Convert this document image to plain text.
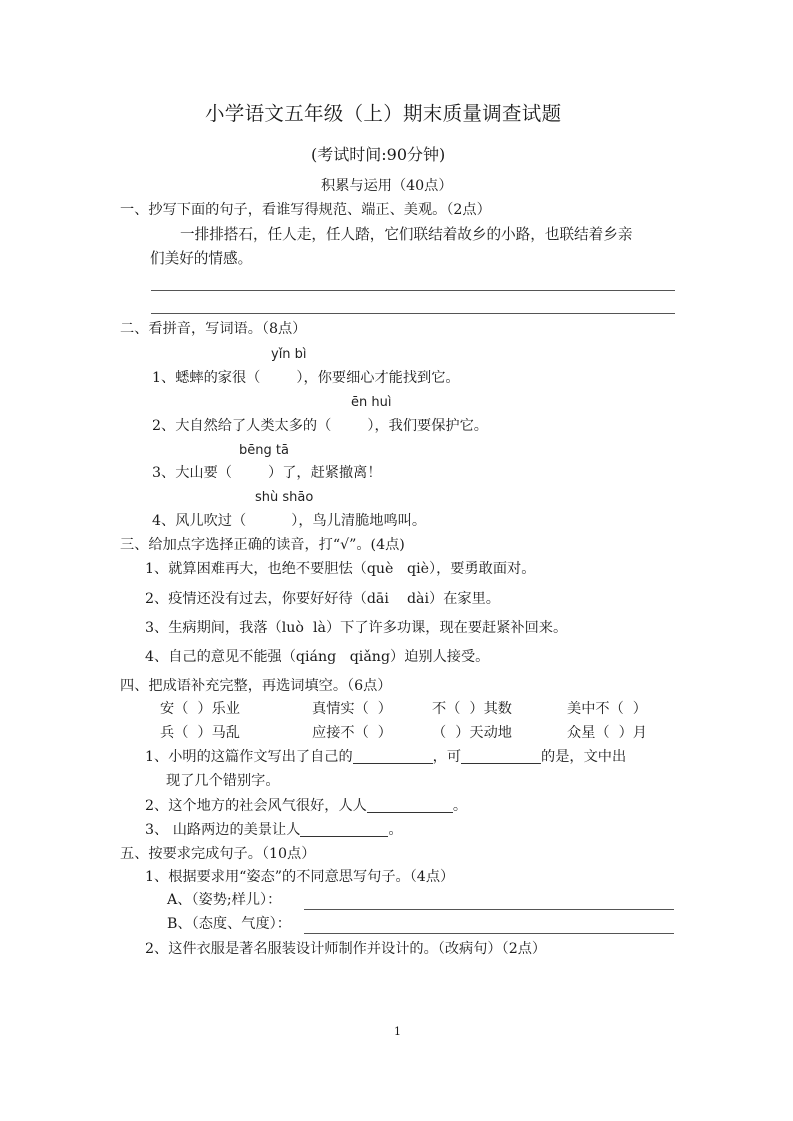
小学语文五年级（上）期末质量调查试题
(考试时间:90分钟)
积累与运用（40点）
一、抄写下面的句子，看谁写得规范、端正、美观。（2点）
一排排搭石，任人走，任人踏，它们联结着故乡的小路，也联结着乡亲
们美好的情感。
二、看拼音，写词语。（8点）
yǐn bì
1、蟋蟀的家很（        ），你要细心才能找到它。
ēn huì
2、大自然给了人类太多的（        ），我们要保护它。
bēng tā
3、大山要（        ）了，赶紧撤离！
shù shāo
4、风儿吹过（          ），鸟儿清脆地鸣叫。
三、给加点字选择正确的读音，打“√”。(4点)
1、就算困难再大，也绝不要胆怯（què   qiè），要勇敢面对。
2、疫情还没有过去，你要好好待（dāi    dài）在家里。
3、生病期间，我落（luò  là）下了许多功课，现在要赶紧补回来。
4、自己的意见不能强（qiáng   qiǎng）迫别人接受。
四、把成语补充完整，再选词填空。（6点）
安（  ）乐业	真情实（  ）	不（  ）其数	美中不（  ）
兵（  ）马乱	应接不（  ）	（  ）天动地	众星（  ）月
1、小明的这篇作文写出了自己的	，可	的是，文中出
现了几个错别字。
2、这个地方的社会风气很好，人人	。
3、 山路两边的美景让人	。
五、按要求完成句子。（10点）
1、根据要求用“姿态”的不同意思写句子。（4点）
A、（姿势;样儿）：
B、（态度、气度）：
2、这件衣服是著名服装设计师制作并设计的。（改病句）（2点）
1
